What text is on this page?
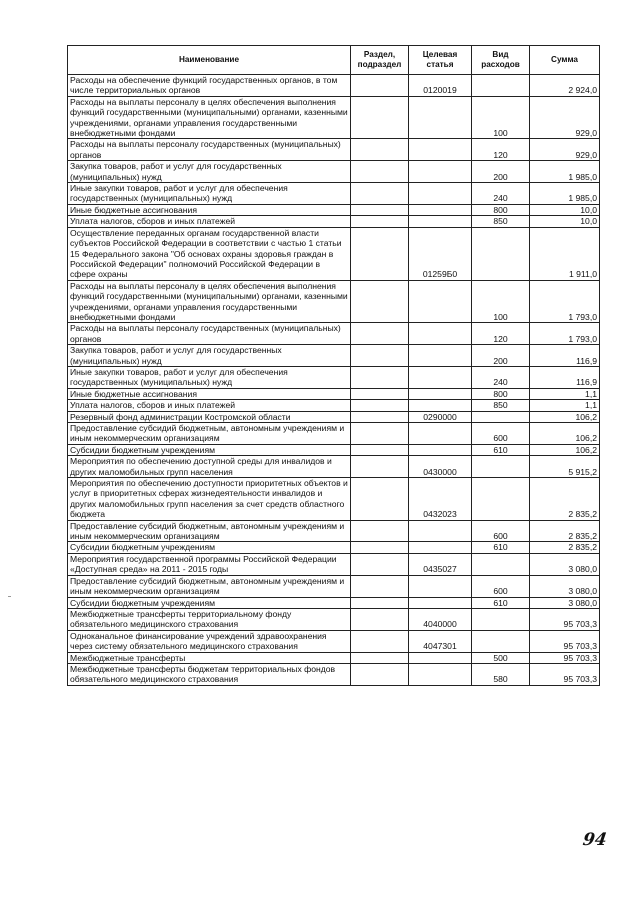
Наименование	Раздел, подраздел	Целевая статья	Вид расходов	Сумма
Расходы на обеспечение функций государственных органов, в том числе территориальных органов		0120019		2 924,0
Расходы на выплаты персоналу в целях обеспечения выполнения функций государственными (муниципальными) органами, казенными учреждениями, органами управления государственными внебюджетными фондами			100	929,0
Расходы на выплаты персоналу государственных (муниципальных) органов			120	929,0
Закупка товаров, работ и услуг для государственных (муниципальных) нужд			200	1 985,0
Иные закупки товаров, работ и услуг для обеспечения государственных (муниципальных) нужд			240	1 985,0
Иные бюджетные ассигнования			800	10,0
Уплата налогов, сборов и иных платежей			850	10,0
Осуществление переданных органам государственной власти субъектов Российской Федерации в соответствии с частью 1 статьи 15 Федерального закона "Об основах охраны здоровья граждан в Российской Федерации" полномочий Российской Федерации в сфере охраны		01259Б0		1 911,0
Расходы на выплаты персоналу в целях обеспечения выполнения функций государственными (муниципальными) органами, казенными учреждениями, органами управления государственными внебюджетными фондами			100	1 793,0
Расходы на выплаты персоналу государственных (муниципальных) органов			120	1 793,0
Закупка товаров, работ и услуг для государственных (муниципальных) нужд			200	116,9
Иные закупки товаров, работ и услуг для обеспечения государственных (муниципальных) нужд			240	116,9
Иные бюджетные ассигнования			800	1,1
Уплата налогов, сборов и иных платежей			850	1,1
Резервный фонд администрации Костромской области		0290000		106,2
Предоставление субсидий бюджетным, автономным учреждениям и иным некоммерческим организациям			600	106,2
Субсидии бюджетным учреждениям			610	106,2
Мероприятия по обеспечению доступной среды для инвалидов и других маломобильных групп населения		0430000		5 915,2
Мероприятия по обеспечению доступности приоритетных объектов и услуг в приоритетных сферах жизнедеятельности инвалидов и других маломобильных групп населения за счет средств областного бюджета		0432023		2 835,2
Предоставление субсидий бюджетным, автономным учреждениям и иным некоммерческим организациям			600	2 835,2
Субсидии бюджетным учреждениям			610	2 835,2
Мероприятия государственной программы Российской Федерации «Доступная среда» на 2011 - 2015 годы		0435027		3 080,0
Предоставление субсидий бюджетным, автономным учреждениям и иным некоммерческим организациям			600	3 080,0
Субсидии бюджетным учреждениям			610	3 080,0
Межбюджетные трансферты территориальному фонду обязательного медицинского страхования		4040000		95 703,3
Одноканальное финансирование учреждений здравоохранения через систему обязательного медицинского страхования		4047301		95 703,3
Межбюджетные трансферты			500	95 703,3
Межбюджетные трансферты бюджетам территориальных фондов обязательного медицинского страхования			580	95 703,3
94
